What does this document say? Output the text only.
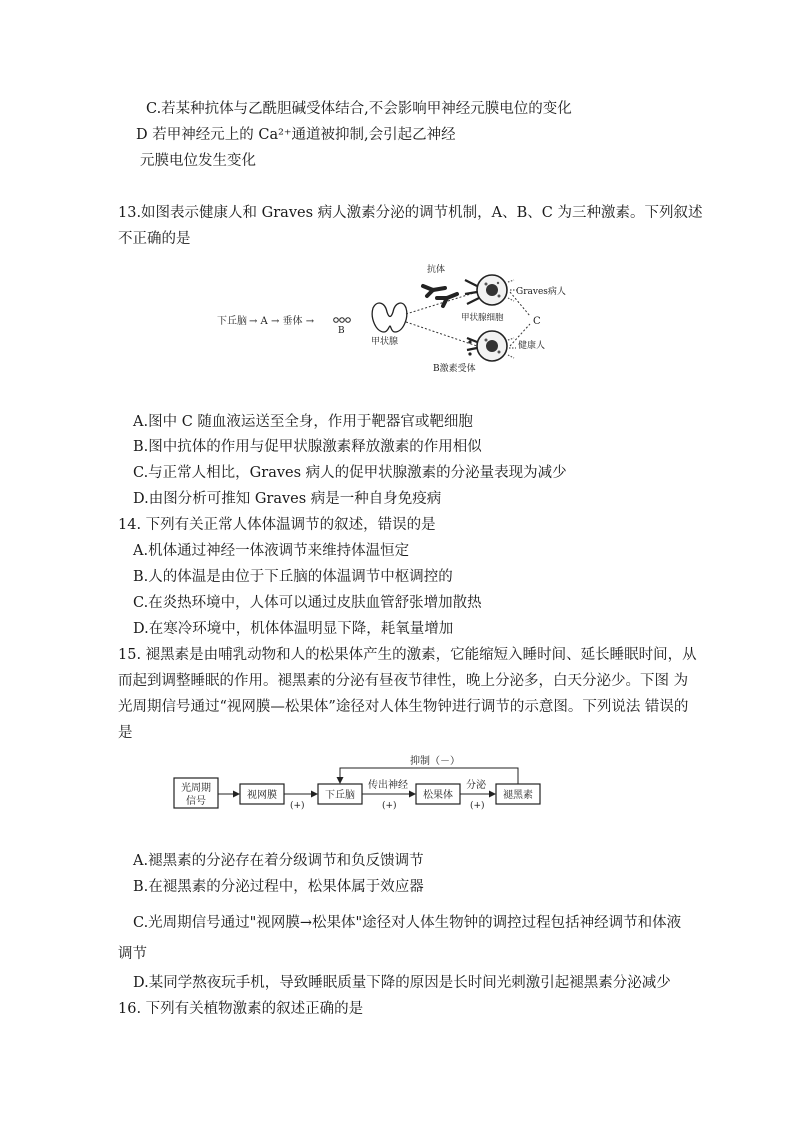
C.若某种抗体与乙酰胆碱受体结合,不会影响甲神经元膜电位的变化
D 若甲神经元上的 Ca²⁺通道被抑制,会引起乙神经
元膜电位发生变化
13.如图表示健康人和 Graves 病人激素分泌的调节机制，A、B、C 为三种激素。下列叙述
不正确的是
下丘脑 → A → 垂体 →
B
甲状腺
抗体
Graves病人
甲状腺细胞	C
健康人
B激素受体
A.图中 C 随血液运送至全身，作用于靶器官或靶细胞
B.图中抗体的作用与促甲状腺激素释放激素的作用相似
C.与正常人相比，Graves 病人的促甲状腺激素的分泌量表现为减少
D.由图分析可推知 Graves 病是一种自身免疫病
14. 下列有关正常人体体温调节的叙述，错误的是
A.机体通过神经一体液调节来维持体温恒定
B.人的体温是由位于下丘脑的体温调节中枢调控的
C.在炎热环境中，人体可以通过皮肤血管舒张增加散热
D.在寒冷环境中，机体体温明显下降，耗氧量增加
15. 褪黑素是由哺乳动物和人的松果体产生的激素，它能缩短入睡时间、延长睡眠时间，从
而起到调整睡眠的作用。褪黑素的分泌有昼夜节律性，晚上分泌多，白天分泌少。下图 为
光周期信号通过“视网膜—松果体”途径对人体生物钟进行调节的示意图。下列说法 错误的
是
光周期
信号
视网膜	下丘脑	松果体	褪黑素
抑制（－）
传出神经	分泌
(+)	(+)	(+)
A.褪黑素的分泌存在着分级调节和负反馈调节
B.在褪黑素的分泌过程中，松果体属于效应器
C.光周期信号通过"视网膜→松果体"途径对人体生物钟的调控过程包括神经调节和体液
调节
D.某同学熬夜玩手机，导致睡眠质量下降的原因是长时间光刺激引起褪黑素分泌减少
16. 下列有关植物激素的叙述正确的是
